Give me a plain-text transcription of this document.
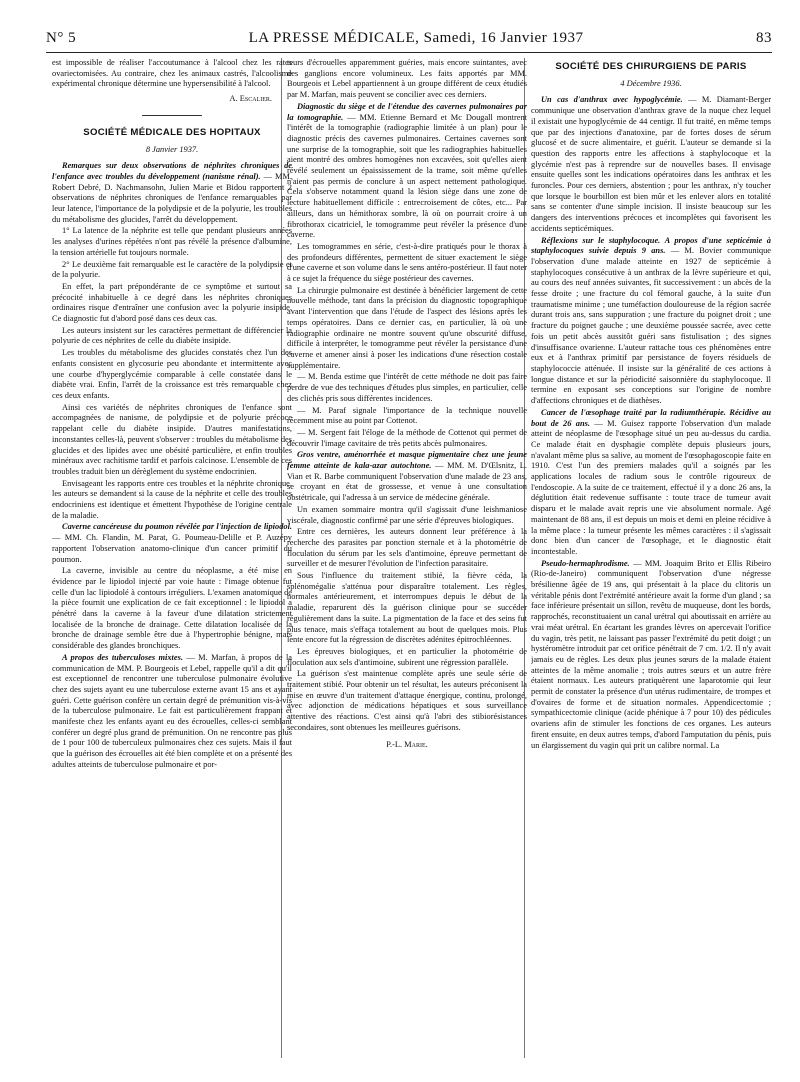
N° 5	LA PRESSE MÉDICALE, Samedi, 16 Janvier 1937	83

est impossible de réaliser l'accoutumance à l'alcool chez les rates ovariectomisées. Au contraire, chez les animaux castrés, l'alcoolisme expérimental chronique détermine une hypersensibilité à l'alcool.

A. Escalier.
SOCIÉTÉ MÉDICALE DES HOPITAUX
8 Janvier 1937.

Remarques sur deux observations de néphrites chroniques de l'enfance avec troubles du développement (nanisme rénal). — MM. Robert Debré, D. Nachmansohn, Julien Marie et Bidou rapportent 2 observations de néphrites chroniques de l'enfance remarquables par leur latence, l'importance de la polydipsie et de la polyurie, les troubles du métabolisme des glucides, l'arrêt du développement.

1° La latence de la néphrite est telle que pendant plusieurs années les analyses d'urines répétées n'ont pas révélé la présence d'albumine, la tension artérielle fut toujours normale.

2° Le deuxième fait remarquable est le caractère de la polydipsie et de la polyurie.

En effet, la part prépondérante de ce symptôme et surtout sa précocité inhabituelle à ce degré dans les néphrites chroniques ordinaires risque d'entraîner une confusion avec la polyurie insipide. Ce diagnostic fut d'abord posé dans ces deux cas.

Les auteurs insistent sur les caractères permettant de différencier la polyurie de ces néphrites de celle du diabète insipide.

Les troubles du métabolisme des glucides constatés chez l'un des enfants consistent en glycosurie peu abondante et intermittente avec une courbe d'hyperglycémie comparable à celle constatée dans le diabète vrai. Enfin, l'arrêt de la croissance est très remarquable chez ces deux enfants.

Ainsi ces variétés de néphrites chroniques de l'enfance sont accompagnées de nanisme, de polydipsie et de polyurie précoce rappelant celle du diabète insipide. D'autres manifestations, inconstantes celles-là, peuvent s'observer : troubles du métabolisme des glucides et des lipides avec une obésité particulière, et enfin troubles minéraux avec rachitisme tardif et parfois calcinose. L'ensemble de ces troubles traduit bien un dérèglement du système endocrinien.

Envisageant les rapports entre ces troubles et la néphrite chronique, les auteurs se demandent si la cause de la néphrite et celle des troubles endocriniens est identique et émettent l'hypothèse de l'origine centrale de la maladie.

Caverne cancéreuse du poumon révélée par l'injection de lipiodol. — MM. Ch. Flandin, M. Parat, G. Poumeau-Delille et P. Auzépy rapportent l'observation anatomo-clinique d'un cancer primitif du poumon.

La caverne, invisible au centre du néoplasme, a été mise en évidence par le lipiodol injecté par voie haute : l'image obtenue fut celle d'un lac lipiodolé à contours irréguliers. L'examen anatomique de la pièce fournit une explication de ce fait exceptionnel : le lipiodol a pénétré dans la caverne à la faveur d'une dilatation strictement localisée de la bronche de drainage. Cette dilatation localisée de la bronche de drainage semble être due à l'hypertrophie bénigne, mais considérable des glandes bronchiques.

A propos des tuberculoses mixtes. — M. Marfan, à propos de la communication de MM. P. Bourgeois et Lebel, rappelle qu'il a dit qu'il est exceptionnel de rencontrer une tuberculose pulmonaire évolutive chez des sujets ayant eu une tuberculose externe avant 15 ans et ayant guéri. Cette guérison confère un certain degré de prémunition vis-à-vis de la tuberculose pulmonaire. Le fait est particulièrement frappant et manifeste chez les enfants ayant eu des écrouelles, celles-ci semblant conférer un degré plus grand de prémunition. On ne rencontre pas plus de 1 pour 100 de tuberculeux pulmonaires chez ces sujets. Mais il faut que la guérison des écrouelles ait été bien complète et on a présenté des adultes atteints de tuberculose pulmonaire et por-

teurs d'écrouelles apparemment guéries, mais encore suintantes, avec des ganglions encore volumineux. Les faits apportés par MM. Bourgeois et Lebel appartiennent à un groupe différent de ceux étudiés par M. Marfan, mais peuvent se concilier avec ces derniers.

Diagnostic du siège et de l'étendue des cavernes pulmonaires par la tomographie. — MM. Etienne Bernard et Mc Dougall montrent l'intérêt de la tomographie (radiographie limitée à un plan) pour le diagnostic précis des cavernes pulmonaires. Certaines cavernes sont une surprise de la tomographie, soit que les radiographies habituelles aient montré des ombres homogènes non excavées, soit qu'elles aient révélé seulement un épaississement de la trame, soit même qu'elles n'aient pas permis de conclure à un aspect nettement pathologique. Cela s'observe notamment quand la lésion siège dans une zone de lecture habituellement difficile : entrecroisement de côtes, etc... Par ailleurs, dans un hémithorax sombre, là où on pourrait croire à un fibrothorax cicatriciel, le tomogramme peut révéler la présence d'une caverne.

Les tomogrammes en série, c'est-à-dire pratiqués pour le thorax à des profondeurs différentes, permettent de situer exactement le siège d'une caverne et son volume dans le sens antéro-postérieur. Il faut noter à ce sujet la fréquence du siège postérieur des cavernes.

La chirurgie pulmonaire est destinée à bénéficier largement de cette nouvelle méthode, tant dans la précision du diagnostic topographique avant l'intervention que dans l'étude de l'aspect des lésions après les temps opératoires. Dans ce dernier cas, en particulier, là où une radiographie ordinaire ne montre souvent qu'une obscurité diffuse, difficile à interpréter, le tomogramme peut révéler la persistance d'une caverne et amener ainsi à poser les indications d'une résection costale supplémentaire.

— M. Benda estime que l'intérêt de cette méthode ne doit pas faire perdre de vue des techniques d'études plus simples, en particulier, celle des clichés pris sous différentes incidences.

— M. Paraf signale l'importance de la technique nouvelle récemment mise au point par Cottenot.

— M. Sergent fait l'éloge de la méthode de Cottenot qui permet de découvrir l'image cavitaire de très petits abcès pulmonaires.

Gros ventre, aménorrhée et masque pigmentaire chez une jeune femme atteinte de kala-azar autochtone. — MM. M. D'Œlsnitz, L. Vian et R. Barbe communiquent l'observation d'une malade de 23 ans, se croyant en état de grossesse, et venue à une consultation obstétricale, qui l'adressa à un service de médecine générale.

Un examen sommaire montra qu'il s'agissait d'une leishmaniose viscérale, diagnostic confirmé par une série d'épreuves biologiques.

Entre ces dernières, les auteurs donnent leur préférence à la recherche des parasites par ponction sternale et à la photométrie de floculation du sérum par les sels d'antimoine, épreuve permettant de surveiller et de mesurer l'évolution de l'infection parasitaire.

Sous l'influence du traitement stibié, la fièvre céda, la splénomégalie s'atténua pour disparaître totalement. Les règles, normales antérieurement, et interrompues depuis le début de la maladie, reparurent dès la guérison clinique pour se succéder régulièrement dans la suite. La pigmentation de la face et des seins fut plus tenace, mais s'effaça totalement au bout de quelques mois. Plus lente encore fut la régression de discrètes adénites épitrochléennes.

Les épreuves biologiques, et en particulier la photométrie de floculation aux sels d'antimoine, subirent une régression parallèle.

La guérison s'est maintenue complète après une seule série de traitement stibié. Pour obtenir un tel résultat, les auteurs préconisent la mise en œuvre d'un traitement d'attaque énergique, continu, prolongé, avec adjonction de médications hépatiques et sous surveillance attentive des réactions. C'est ainsi qu'à l'abri des stibiorésistances secondaires, sont obtenues les meilleures guérisons.

P.-L. Marie.
SOCIÉTÉ DES CHIRURGIENS DE PARIS
4 Décembre 1936.

Un cas d'anthrax avec hypoglycémie. — M. Diamant-Berger communique une observation d'anthrax grave de la nuque chez lequel il existait une hypoglycémie de 44 centigr. Il fut traité, en même temps que par des injections d'anatoxine, par de fortes doses de sérum glucosé et de sucre alimentaire, et guérit. L'auteur se demande si la question des rapports entre les affections à staphylocoque et la glycémie n'est pas à reprendre sur de nouvelles bases. Il envisage ensuite quelles sont les indications opératoires dans les anthrax et les furoncles. Pour ces derniers, abstention ; pour les anthrax, n'y toucher que lorsque le bourbillon est bien mûr et les enlever alors en totalité sans se contenter d'une simple incision. Il insiste beaucoup sur les dangers des interventions précoces et incomplètes qui favorisent les accidents septicémiques.

Réflexions sur le staphylocoque. A propos d'une septicémie à staphylocoques suivie depuis 9 ans. — M. Bovier communique l'observation d'une malade atteinte en 1927 de septicémie à staphylocoques consécutive à un anthrax de la lèvre supérieure et qui, au cours des neuf années suivantes, fit successivement : un abcès de la fesse droite ; une fracture du col fémoral gauche, à la suite d'un traumatisme minime ; une tuméfaction douloureuse de la région sacrée durant trois ans, sans suppuration ; une fracture du poignet droit ; une fracture du poignet gauche ; une deuxième poussée sacrée, avec cette fois un petit abcès aussitôt guéri sans fistulisation ; des signes d'insuffisance ovarienne. L'auteur rattache tous ces phénomènes entre eux et à l'anthrax primitif par persistance de foyers résiduels de staphylococcie atténuée. Il insiste sur la généralité de ces actions à longue distance et sur la périodicité saisonnière du staphylocoque. Il termine en exposant ses conceptions sur l'origine de nombre d'affections chroniques et de diathèses.

Cancer de l'œsophage traité par la radiumthérapie. Récidive au bout de 26 ans. — M. Guisez rapporte l'observation d'un malade atteint de néoplasme de l'œsophage situé un peu au-dessus du cardia. Ce malade était en dysphagie complète depuis plusieurs jours, n'avalant même plus sa salive, au moment de l'œsophagoscopie faite en 1910. C'est l'un des premiers malades qu'il a soignés par les applications locales de radium sous le contrôle rigoureux de l'endoscopie. A la suite de ce traitement, effectué il y a donc 26 ans, la déglutition était redevenue suffisante : toute trace de tumeur avait disparu et le malade avait repris une vie absolument normale. Agé maintenant de 88 ans, il est depuis un mois et demi en pleine récidive à la même place : la tumeur présente les mêmes caractères : il s'agissait donc bien d'un cancer de l'œsophage, et le diagnostic était incontestable.

Pseudo-hermaphrodisme. — MM. Joaquim Brito et Ellis Ribeiro (Rio-de-Janeiro) communiquent l'observation d'une négresse brésilienne âgée de 19 ans, qui présentait à la place du clitoris un véritable pénis dont l'extrémité antérieure avait la forme d'un gland ; sa face inférieure présentait un sillon, revêtu de muqueuse, dont les bords, rapprochés, reconstituaient un canal urétral qui aboutissait en arrière au vrai méat urétral. En écartant les grandes lèvres on apercevait l'orifice du vagin, très petit, ne laissant pas passer l'extrémité du petit doigt ; un hystéromètre introduit par cet orifice pénétrait de 7 cm. 1/2. Il n'y avait jamais eu de règles. Les deux plus jeunes sœurs de la malade étaient atteintes de la même anomalie ; trois autres sœurs et un autre frère étaient normaux. Les auteurs pratiquèrent une laparotomie qui leur permit de constater la présence d'un utérus rudimentaire, de trompes et d'ovaires de forme et de situation normales. Appendicectomie ; sympathicectomie clinique (acide phénique à 7 pour 10) des pédicules ovariens afin de stimuler les fonctions de ces organes. Les auteurs firent ensuite, en deux autres temps, d'abord l'amputation du pénis, puis un élargissement du vagin qui prit un calibre normal. La
